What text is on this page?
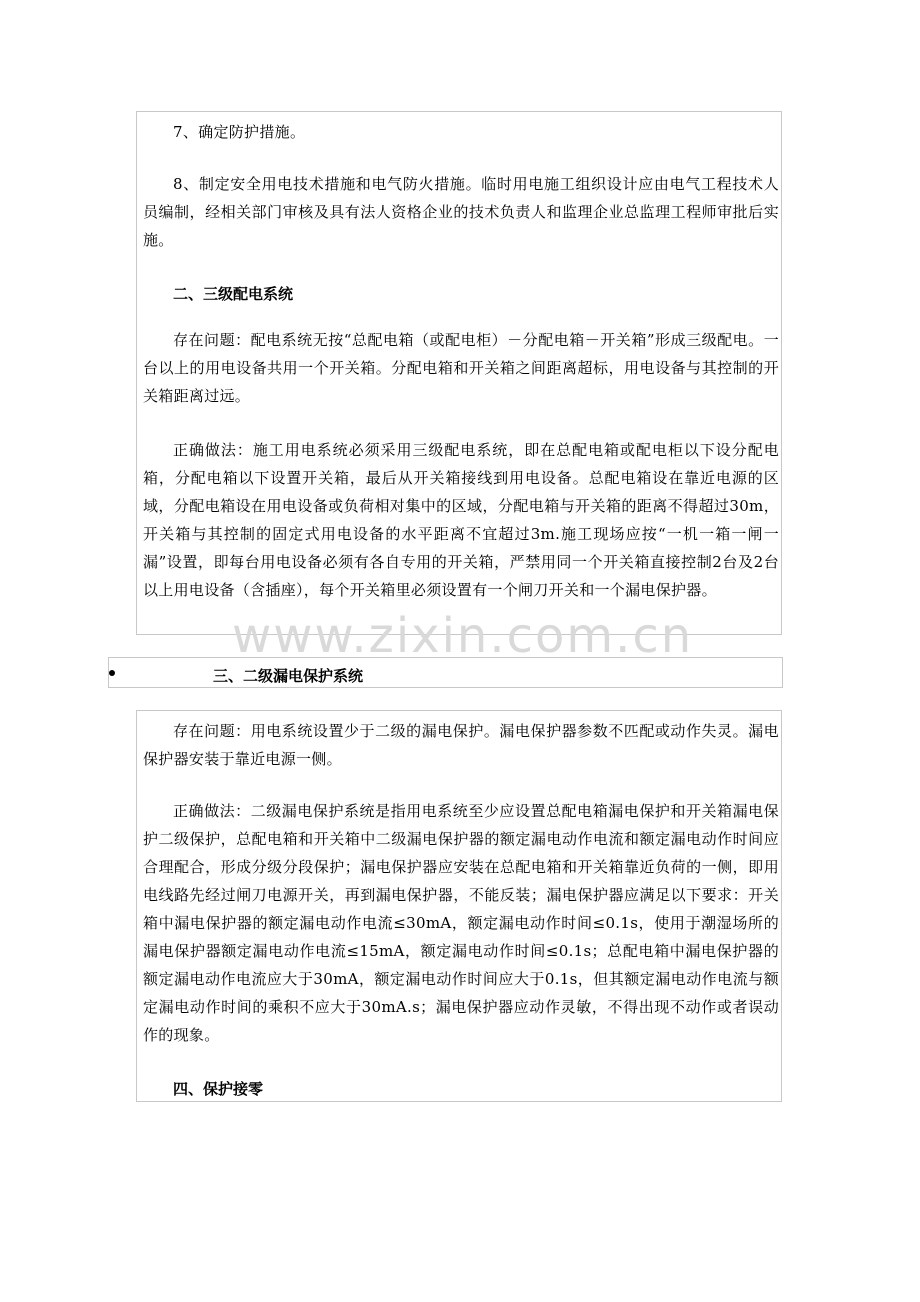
7、确定防护措施。

8、制定安全用电技术措施和电气防火措施。临时用电施工组织设计应由电气工程技术人员编制，经相关部门审核及具有法人资格企业的技术负责人和监理企业总监理工程师审批后实施。

二、三级配电系统

存在问题：配电系统无按“总配电箱（或配电柜）－分配电箱－开关箱”形成三级配电。一台以上的用电设备共用一个开关箱。分配电箱和开关箱之间距离超标，用电设备与其控制的开关箱距离过远。

正确做法：施工用电系统必须采用三级配电系统，即在总配电箱或配电柜以下设分配电箱，分配电箱以下设置开关箱，最后从开关箱接线到用电设备。总配电箱设在靠近电源的区域，分配电箱设在用电设备或负荷相对集中的区域，分配电箱与开关箱的距离不得超过30m，开关箱与其控制的固定式用电设备的水平距离不宜超过3m.施工现场应按“一机一箱一闸一漏”设置，即每台用电设备必须有各自专用的开关箱，严禁用同一个开关箱直接控制2台及2台以上用电设备（含插座），每个开关箱里必须设置有一个闸刀开关和一个漏电保护器。

三、二级漏电保护系统

存在问题：用电系统设置少于二级的漏电保护。漏电保护器参数不匹配或动作失灵。漏电保护器安装于靠近电源一侧。

正确做法：二级漏电保护系统是指用电系统至少应设置总配电箱漏电保护和开关箱漏电保护二级保护，总配电箱和开关箱中二级漏电保护器的额定漏电动作电流和额定漏电动作时间应合理配合，形成分级分段保护；漏电保护器应安装在总配电箱和开关箱靠近负荷的一侧，即用电线路先经过闸刀电源开关，再到漏电保护器，不能反装；漏电保护器应满足以下要求：开关箱中漏电保护器的额定漏电动作电流≤30mA，额定漏电动作时间≤0.1s，使用于潮湿场所的漏电保护器额定漏电动作电流≤15mA，额定漏电动作时间≤0.1s；总配电箱中漏电保护器的额定漏电动作电流应大于30mA，额定漏电动作时间应大于0.1s，但其额定漏电动作电流与额定漏电动作时间的乘积不应大于30mA.s；漏电保护器应动作灵敏，不得出现不动作或者误动作的现象。

四、保护接零

www.zixin.com.cn
